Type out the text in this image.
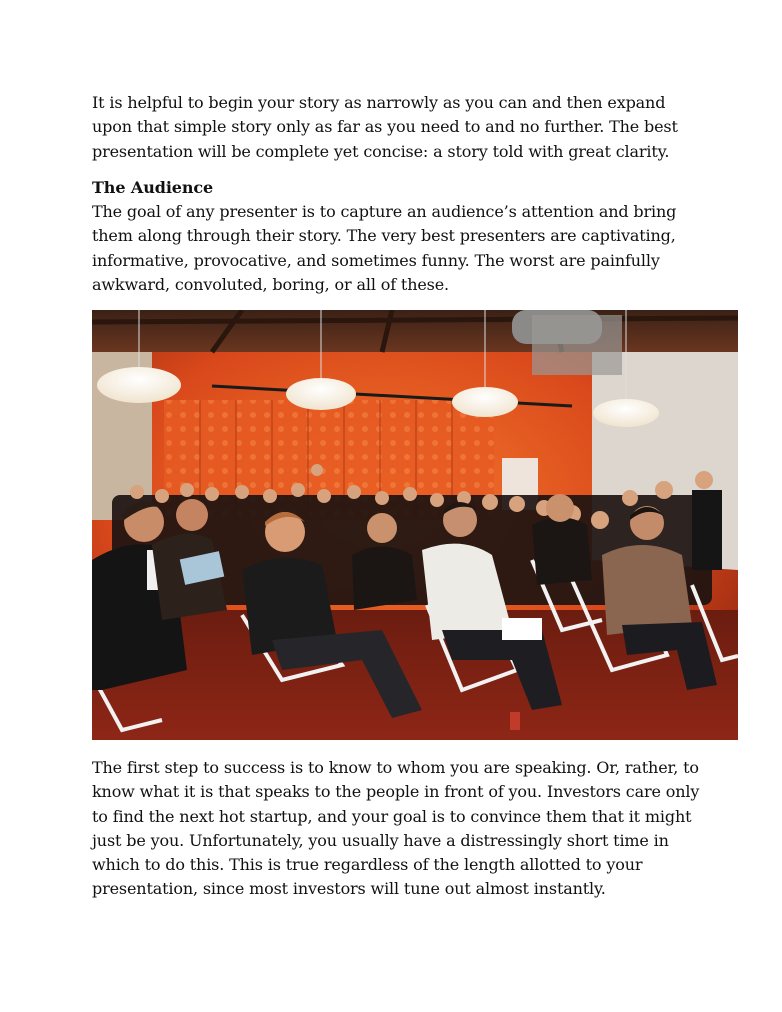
It is helpful to begin your story as narrowly as you can and then expand upon that simple story only as far as you need to and no further. The best presentation will be complete yet concise: a story told with great clarity.

The Audience

The goal of any presenter is to capture an audience’s attention and bring them along through their story. The very best presenters are captivating, informative, provocative, and sometimes funny. The worst are painfully awkward, convoluted, boring, or all of these.

The first step to success is to know to whom you are speaking. Or, rather, to know what it is that speaks to the people in front of you. Investors care only to find the next hot startup, and your goal is to convince them that it might just be you. Unfortunately, you usually have a distressingly short time in which to do this. This is true regardless of the length allotted to your presentation, since most investors will tune out almost instantly.
